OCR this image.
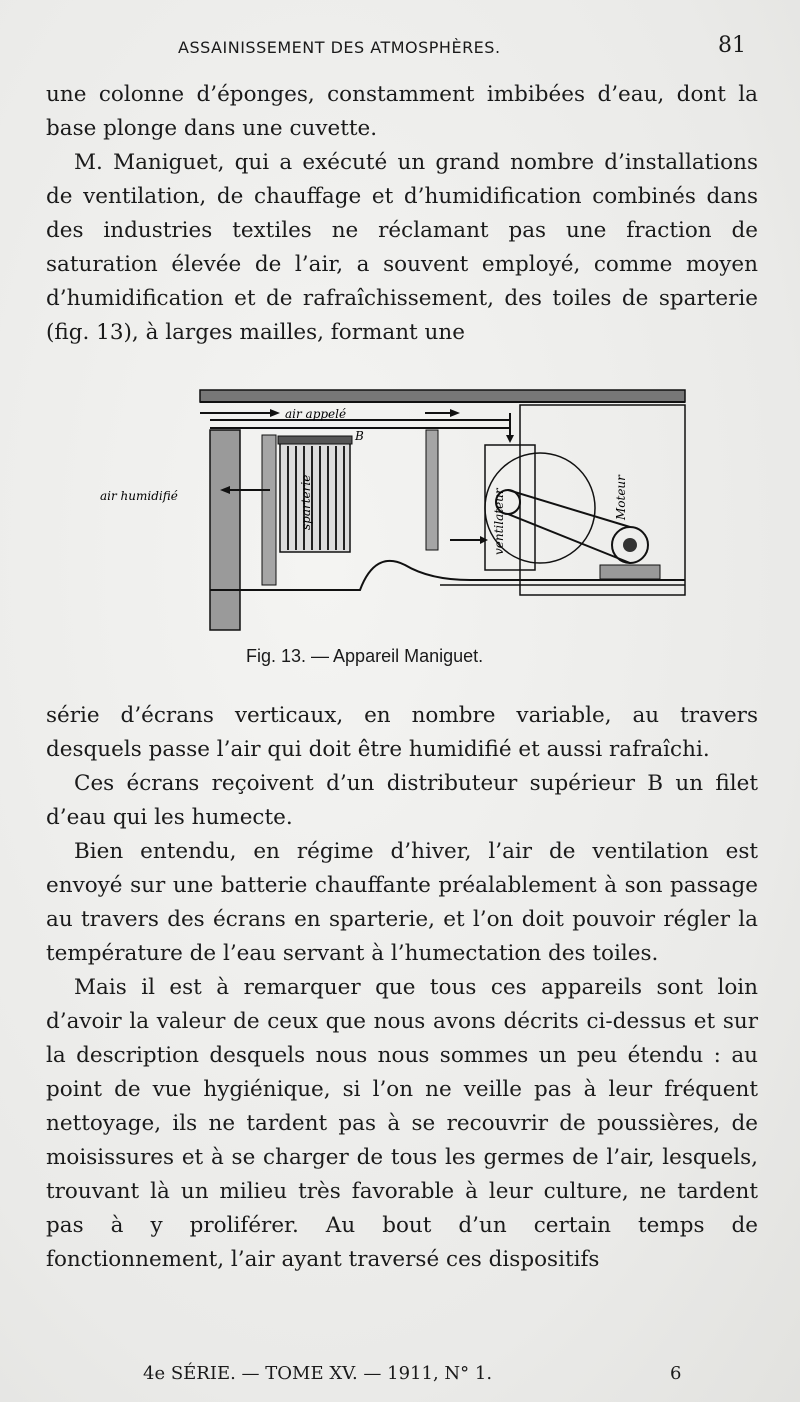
ASSAINISSEMENT DES ATMOSPHÈRES.	81

une colonne d’éponges, constamment imbibées d’eau, dont la base plonge dans une cuvette.

M. Maniguet, qui a exécuté un grand nombre d’installations de ventilation, de chauffage et d’humidification combinés dans des industries textiles ne réclamant pas une fraction de saturation élevée de l’air, a souvent employé, comme moyen d’humidification et de rafraîchissement, des toiles de sparterie (fig. 13), à larges mailles, formant une

air appelé
air humidifié
B
sparterie	ventilateur	Moteur
Fig. 13. — Appareil Maniguet.

série d’écrans verticaux, en nombre variable, au travers desquels passe l’air qui doit être humidifié et aussi rafraîchi.

Ces écrans reçoivent d’un distributeur supérieur B un filet d’eau qui les humecte.

Bien entendu, en régime d’hiver, l’air de ventilation est envoyé sur une batterie chauffante préalablement à son passage au travers des écrans en sparterie, et l’on doit pouvoir régler la température de l’eau servant à l’humectation des toiles.

Mais il est à remarquer que tous ces appareils sont loin d’avoir la valeur de ceux que nous avons décrits ci-dessus et sur la description desquels nous nous sommes un peu étendu : au point de vue hygiénique, si l’on ne veille pas à leur fréquent nettoyage, ils ne tardent pas à se recouvrir de poussières, de moisissures et à se charger de tous les germes de l’air, lesquels, trouvant là un milieu très favorable à leur culture, ne tardent pas à y proliférer. Au bout d’un certain temps de fonctionnement, l’air ayant traversé ces dispositifs

4e SÉRIE. — TOME XV. — 1911, N° 1.	6
